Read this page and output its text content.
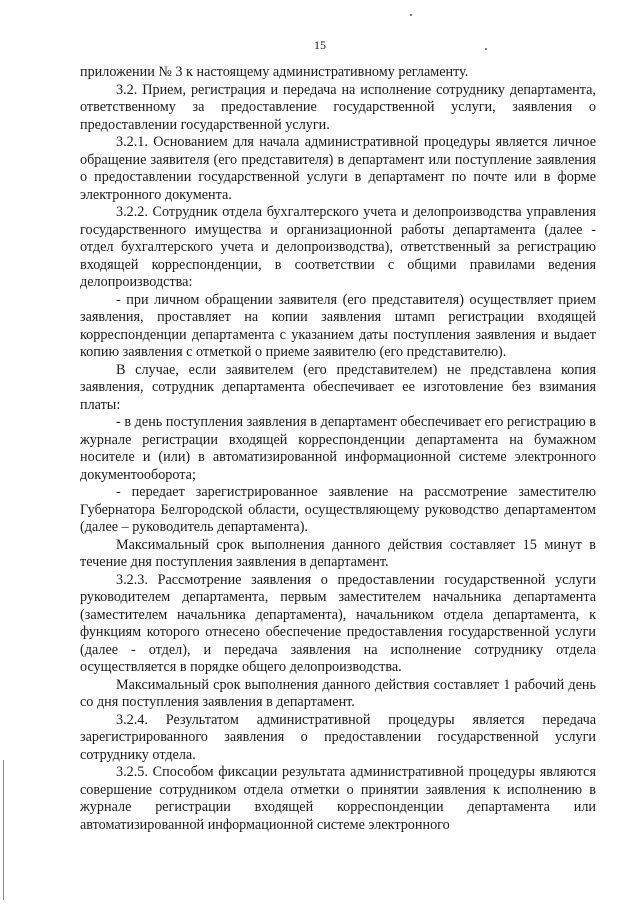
15

приложении № 3 к настоящему административному регламенту.

3.2. Прием, регистрация и передача на исполнение сотруднику департамента, ответственному за предоставление государственной услуги, заявления о предоставлении государственной услуги.

3.2.1. Основанием для начала административной процедуры является личное обращение заявителя (его представителя) в департамент или поступление заявления о предоставлении государственной услуги в департамент по почте или в форме электронного документа.

3.2.2. Сотрудник отдела бухгалтерского учета и делопроизводства управления государственного имущества и организационной работы департамента (далее - отдел бухгалтерского учета и делопроизводства), ответственный за регистрацию входящей корреспонденции, в соответствии с общими правилами ведения делопроизводства:

- при личном обращении заявителя (его представителя) осуществляет прием заявления, проставляет на копии заявления штамп регистрации входящей корреспонденции департамента с указанием даты поступления заявления и выдает копию заявления с отметкой о приеме заявителю (его представителю).

В случае, если заявителем (его представителем) не представлена копия заявления, сотрудник департамента обеспечивает ее изготовление без взимания платы:

- в день поступления заявления в департамент обеспечивает его регистрацию в журнале регистрации входящей корреспонденции департамента на бумажном носителе и (или) в автоматизированной информационной системе электронного документооборота;

- передает зарегистрированное заявление на рассмотрение заместителю Губернатора Белгородской области, осуществляющему руководство департаментом (далее – руководитель департамента).

Максимальный срок выполнения данного действия составляет 15 минут в течение дня поступления заявления в департамент.

3.2.3. Рассмотрение заявления о предоставлении государственной услуги руководителем департамента, первым заместителем начальника департамента (заместителем начальника департамента), начальником отдела департамента, к функциям которого отнесено обеспечение предоставления государственной услуги (далее - отдел), и передача заявления на исполнение сотруднику отдела осуществляется в порядке общего делопроизводства.

Максимальный срок выполнения данного действия составляет 1 рабочий день со дня поступления заявления в департамент.

3.2.4. Результатом административной процедуры является передача зарегистрированного заявления о предоставлении государственной услуги сотруднику отдела.

3.2.5. Способом фиксации результата административной процедуры являются совершение сотрудником отдела отметки о принятии заявления к исполнению в журнале регистрации входящей корреспонденции департамента или автоматизированной информационной системе электронного
